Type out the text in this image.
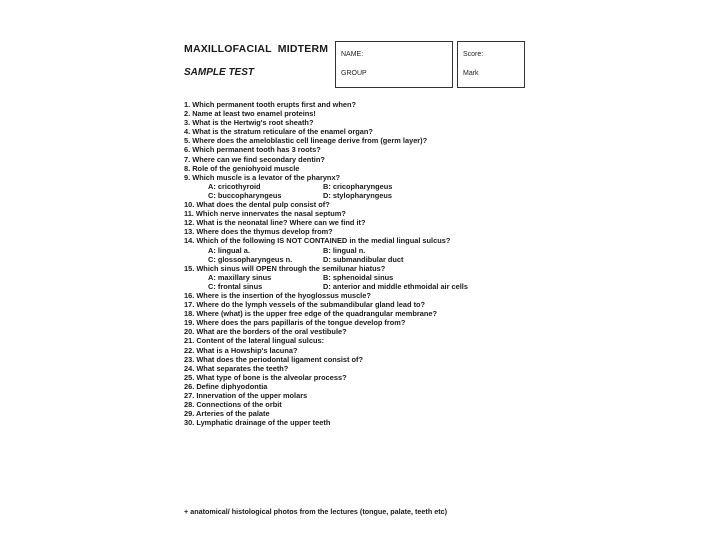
MAXILLOFACIAL  MIDTERM
SAMPLE TEST
NAME:
GROUP
Score:
Mark
1. Which permanent tooth erupts first and when?
2. Name at least two enamel proteins!
3. What is the Hertwig's root sheath?
4. What is the stratum reticulare of the enamel organ?
5. Where does the ameloblastic cell lineage derive from (germ layer)?
6. Which permanent tooth has 3 roots?
7. Where can we find secondary dentin?
8. Role of the geniohyoid muscle
9. Which muscle is a levator of the pharynx?
A: cricothyroid	B: cricopharyngeus
C: buccopharyngeus	D: stylopharyngeus
10. What does the dental pulp consist of?
11. Which nerve innervates the nasal septum?
12. What is the neonatal line? Where can we find it?
13. Where does the thymus develop from?
14. Which of the following IS NOT CONTAINED in the medial lingual sulcus?
A: lingual a.	B: lingual n.
C: glossopharyngeus n.	D: submandibular duct
15. Which sinus will OPEN through the semilunar hiatus?
A: maxillary sinus	B: sphenoidal sinus
C: frontal sinus	D: anterior and middle ethmoidal air cells
16. Where is the insertion of the hyoglossus muscle?
17. Where do the lymph vessels of the submandibular gland lead to?
18. Where (what) is the upper free edge of the quadrangular membrane?
19. Where does the pars papillaris of the tongue develop from?
20. What are the borders of the oral vestibule?
21. Content of the lateral lingual sulcus:
22. What is a Howship's lacuna?
23. What does the periodontal ligament consist of?
24. What separates the teeth?
25. What type of bone is the alveolar process?
26. Define diphyodontia
27. Innervation of the upper molars
28. Connections of the orbit
29. Arteries of the palate
30. Lymphatic drainage of the upper teeth
+ anatomical/ histological photos from the lectures (tongue, palate, teeth etc)
